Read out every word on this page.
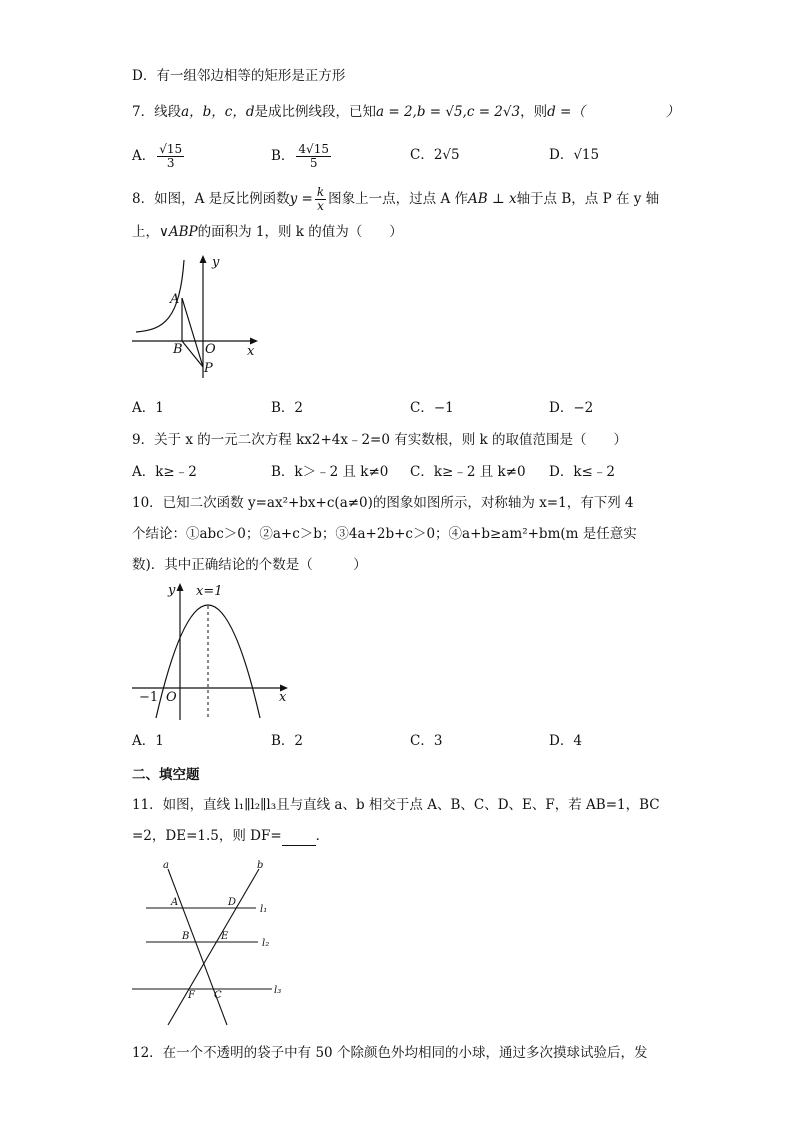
D．有一组邻边相等的矩形是正方形
7．线段a，b，c，d是成比例线段，已知a = 2,b = √5,c = 2√3，则d =（　　　　　　）
A． $\frac{√15}{3}$	B． $\frac{4√15}{5}$	C．2√5	D．√15
8．如图，A 是反比例函数$y = \frac{k}{x}$ 图象上一点，过点 A 作AB ⊥ x轴于点 B，点 P 在 y 轴
上，∨ABP的面积为 1，则 k 的值为（　　）
y
x
A
B O
P
A．1	B．2	C．−1	D．−2
9．关于 x 的一元二次方程 kx2+4x﹣2=0 有实数根，则 k 的取值范围是（　　）
A．k≥﹣2	B．k＞﹣2 且 k≠0 C．k≥﹣2 且 k≠0 D．k≤﹣2
10．已知二次函数 y=ax²+bx+c(a≠0)的图象如图所示，对称轴为 x=1，有下列 4
个结论：①abc＞0；②a+c＞b；③4a+2b+c＞0；④a+b≥am²+bm(m 是任意实
数)．其中正确结论的个数是（　　　）
y
x
x=1
−1 O
A．1	B．2	C．3	D．4
二、填空题
11．如图，直线 l₁∥l₂∥l₃且与直线 a、b 相交于点 A、B、C、D、E、F，若 AB=1，BC
=2，DE=1.5，则 DF=	．
a	b
A	D
l₁
B	E
l₂
F C	l₃
12．在一个不透明的袋子中有 50 个除颜色外均相同的小球，通过多次摸球试验后，发
